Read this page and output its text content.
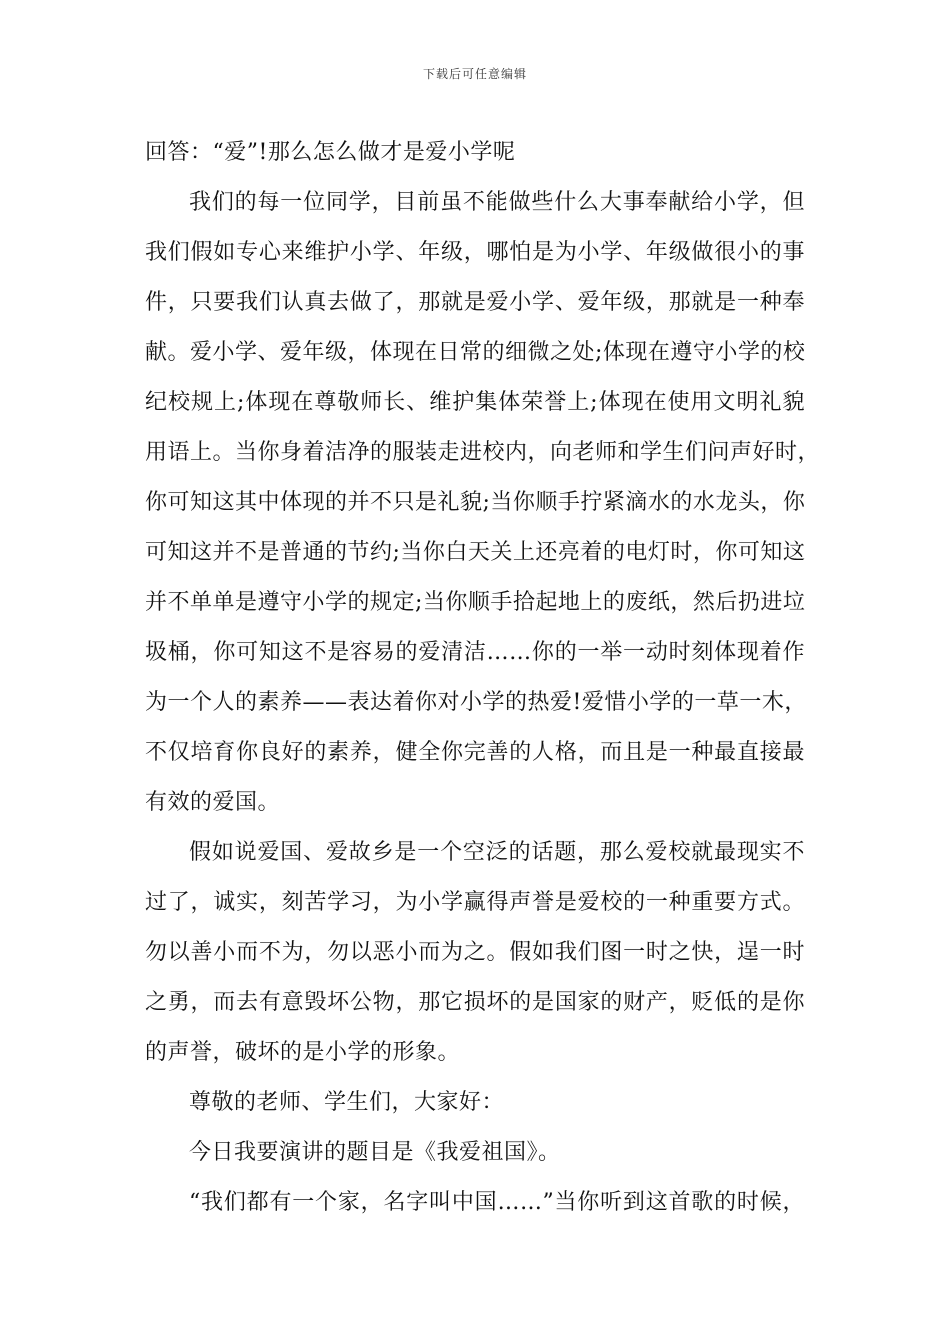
下载后可任意编辑
回答：“爱”!那么怎么做才是爱小学呢
我们的每一位同学，目前虽不能做些什么大事奉献给小学，但
我们假如专心来维护小学、年级，哪怕是为小学、年级做很小的事
件，只要我们认真去做了，那就是爱小学、爱年级，那就是一种奉
献。爱小学、爱年级，体现在日常的细微之处;体现在遵守小学的校
纪校规上;体现在尊敬师长、维护集体荣誉上;体现在使用文明礼貌
用语上。当你身着洁净的服装走进校内，向老师和学生们问声好时，
你可知这其中体现的并不只是礼貌;当你顺手拧紧滴水的水龙头，你
可知这并不是普通的节约;当你白天关上还亮着的电灯时，你可知这
并不单单是遵守小学的规定;当你顺手拾起地上的废纸，然后扔进垃
圾桶，你可知这不是容易的爱清洁……你的一举一动时刻体现着作
为一个人的素养——表达着你对小学的热爱!爱惜小学的一草一木，
不仅培育你良好的素养，健全你完善的人格，而且是一种最直接最
有效的爱国。
假如说爱国、爱故乡是一个空泛的话题，那么爱校就最现实不
过了，诚实，刻苦学习，为小学赢得声誉是爱校的一种重要方式。
勿以善小而不为，勿以恶小而为之。假如我们图一时之快，逞一时
之勇，而去有意毁坏公物，那它损坏的是国家的财产，贬低的是你
的声誉，破坏的是小学的形象。
尊敬的老师、学生们，大家好：
今日我要演讲的题目是《我爱祖国》。
“我们都有一个家，名字叫中国……”当你听到这首歌的时候，
